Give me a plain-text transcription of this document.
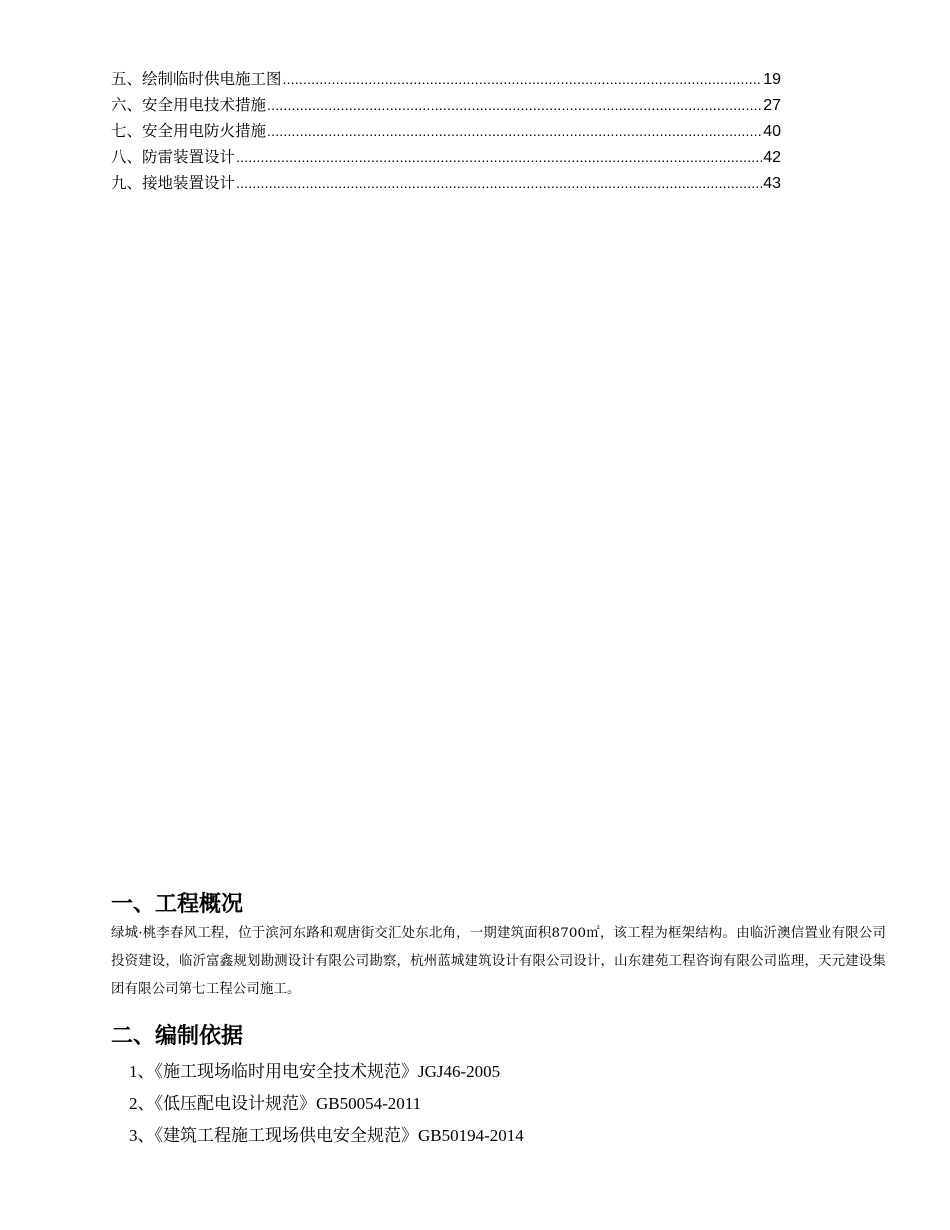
五、绘制临时供电施工图 .....	19
六、安全用电技术措施 .....	27
七、安全用电防火措施 .....	40
八、防雷装置设计 .....	42
九、接地装置设计 .....	43
一、工程概况

绿城·桃李春风工程，位于滨河东路和观唐街交汇处东北角，一期建筑面积8700㎡，该工程为框架结构。由临沂澳信置业有限公司投资建设，临沂富鑫规划勘测设计有限公司勘察，杭州蓝城建筑设计有限公司设计，山东建苑工程咨询有限公司监理，天元建设集团有限公司第七工程公司施工。

二、编制依据
1、《施工现场临时用电安全技术规范》JGJ46-2005
2、《低压配电设计规范》GB50054-2011
3、《建筑工程施工现场供电安全规范》GB50194-2014
